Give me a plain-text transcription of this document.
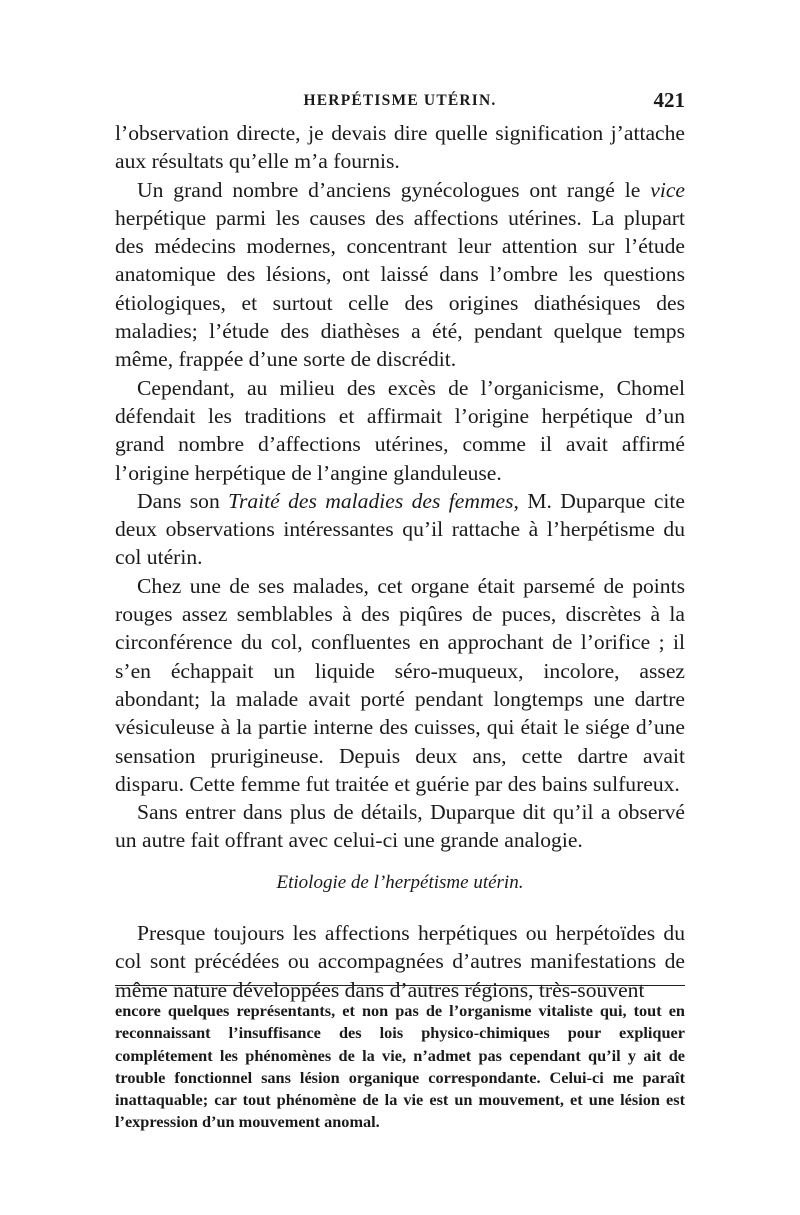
HERPÉTISME UTÉRIN.	421

l’observation directe, je devais dire quelle signification j’attache aux résultats qu’elle m’a fournis.

Un grand nombre d’anciens gynécologues ont rangé le vice herpétique parmi les causes des affections utérines. La plupart des médecins modernes, concentrant leur attention sur l’étude anatomique des lésions, ont laissé dans l’ombre les questions étiologiques, et surtout celle des origines diathésiques des maladies; l’étude des diathèses a été, pendant quelque temps même, frappée d’une sorte de discrédit.

Cependant, au milieu des excès de l’organicisme, Chomel défendait les traditions et affirmait l’origine herpétique d’un grand nombre d’affections utérines, comme il avait affirmé l’origine herpétique de l’angine glanduleuse.

Dans son Traité des maladies des femmes, M. Duparque cite deux observations intéressantes qu’il rattache à l’herpétisme du col utérin.

Chez une de ses malades, cet organe était parsemé de points rouges assez semblables à des piqûres de puces, discrètes à la circonférence du col, confluentes en approchant de l’orifice ; il s’en échappait un liquide séro-muqueux, incolore, assez abondant; la malade avait porté pendant longtemps une dartre vésiculeuse à la partie interne des cuisses, qui était le siége d’une sensation prurigineuse. Depuis deux ans, cette dartre avait disparu. Cette femme fut traitée et guérie par des bains sulfureux.

Sans entrer dans plus de détails, Duparque dit qu’il a observé un autre fait offrant avec celui-ci une grande analogie.

Etiologie de l’herpétisme utérin.

Presque toujours les affections herpétiques ou herpétoïdes du col sont précédées ou accompagnées d’autres manifestations de même nature développées dans d’autres régions, très-souvent

encore quelques représentants, et non pas de l’organisme vitaliste qui, tout en reconnaissant l’insuffisance des lois physico-chimiques pour expliquer complétement les phénomènes de la vie, n’admet pas cependant qu’il y ait de trouble fonctionnel sans lésion organique correspondante. Celui-ci me paraît inattaquable; car tout phénomène de la vie est un mouvement, et une lésion est l’expression d’un mouvement anomal.
